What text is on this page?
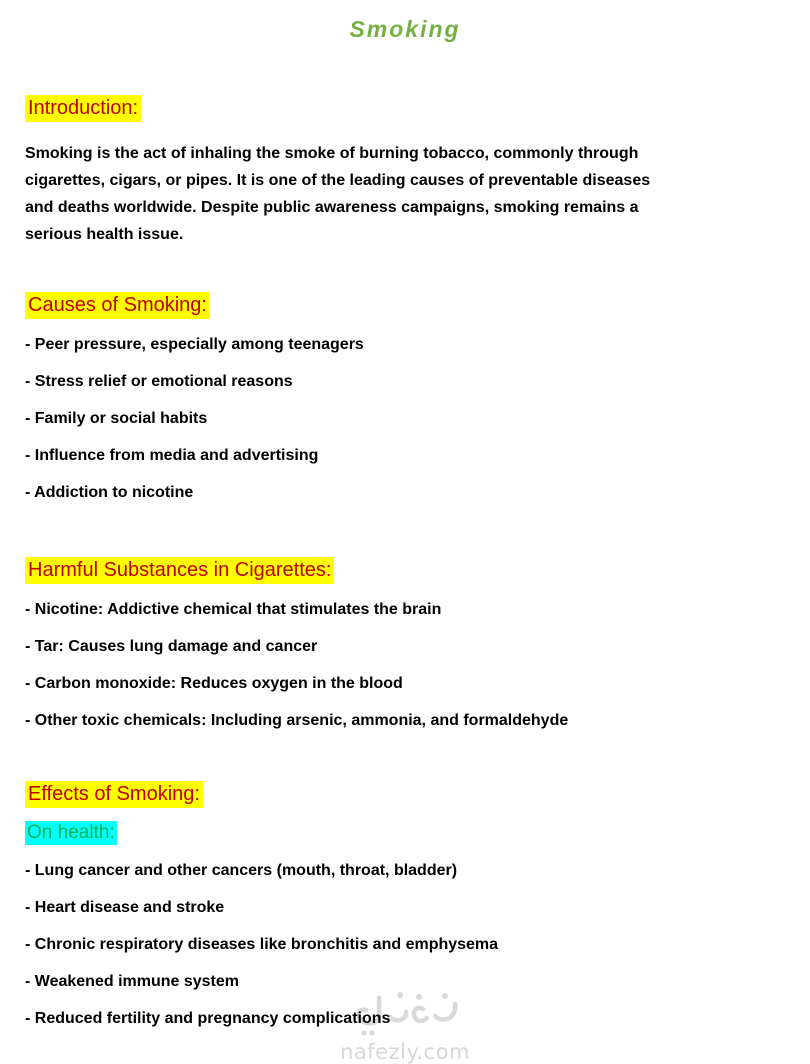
nafezly.com
Smoking
Introduction:

Smoking is the act of inhaling the smoke of burning tobacco, commonly through cigarettes, cigars, or pipes. It is one of the leading causes of preventable diseases and deaths worldwide. Despite public awareness campaigns, smoking remains a serious health issue.

Causes of Smoking:
- Peer pressure, especially among teenagers
- Stress relief or emotional reasons
- Family or social habits
- Influence from media and advertising
- Addiction to nicotine
Harmful Substances in Cigarettes:
- Nicotine: Addictive chemical that stimulates the brain
- Tar: Causes lung damage and cancer
- Carbon monoxide: Reduces oxygen in the blood
- Other toxic chemicals: Including arsenic, ammonia, and formaldehyde
Effects of Smoking:
On health:
- Lung cancer and other cancers (mouth, throat, bladder)
- Heart disease and stroke
- Chronic respiratory diseases like bronchitis and emphysema
- Weakened immune system
- Reduced fertility and pregnancy complications
